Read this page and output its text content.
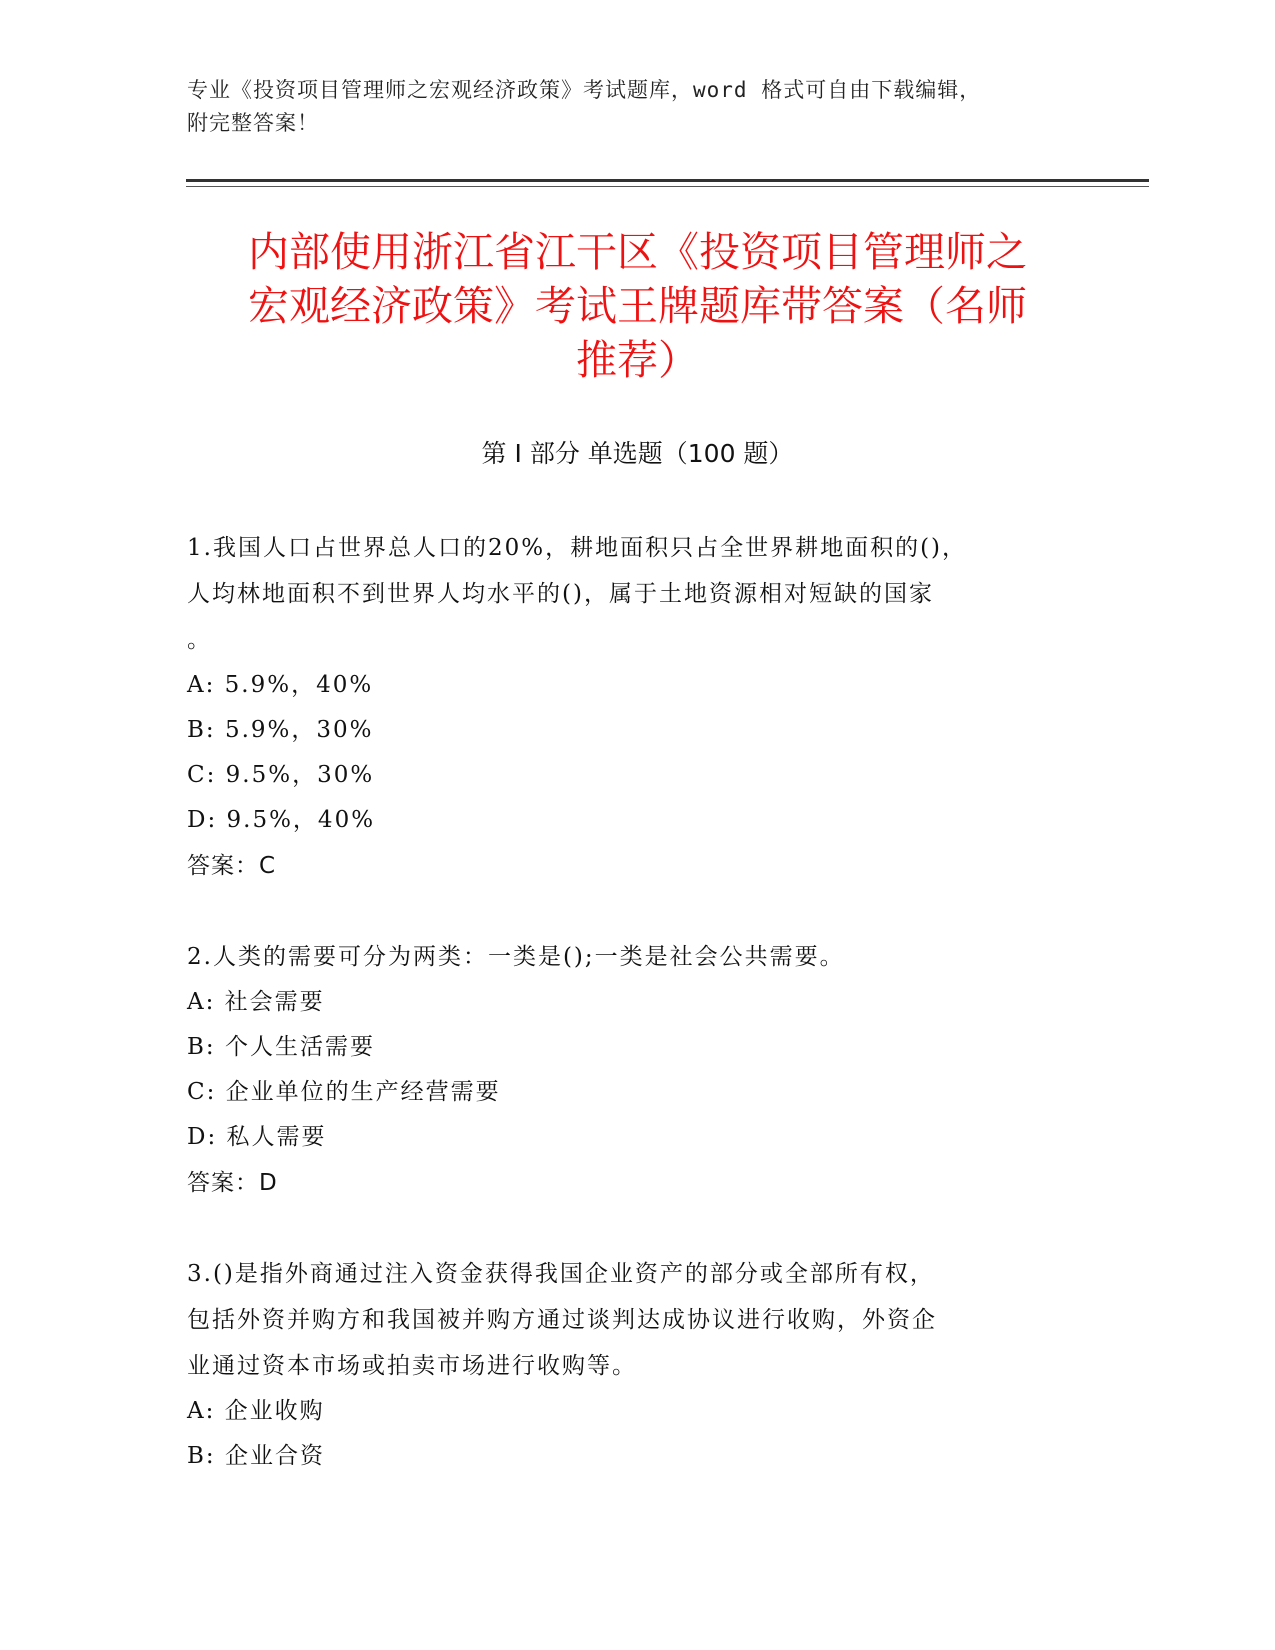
专业《投资项目管理师之宏观经济政策》考试题库，word 格式可自由下载编辑，
附完整答案！
内部使用浙江省江干区《投资项目管理师之
宏观经济政策》考试王牌题库带答案（名师
推荐）
第 I 部分 单选题（100 题）

1.我国人口占世界总人口的20%，耕地面积只占全世界耕地面积的()，

人均林地面积不到世界人均水平的()，属于土地资源相对短缺的国家

。

A: 5.9%，40%

B: 5.9%，30%

C: 9.5%，30%

D: 9.5%，40%

答案：C

2.人类的需要可分为两类：一类是();一类是社会公共需要。

A: 社会需要

B: 个人生活需要

C: 企业单位的生产经营需要

D: 私人需要

答案：D

3.()是指外商通过注入资金获得我国企业资产的部分或全部所有权，

包括外资并购方和我国被并购方通过谈判达成协议进行收购，外资企

业通过资本市场或拍卖市场进行收购等。

A: 企业收购

B: 企业合资
